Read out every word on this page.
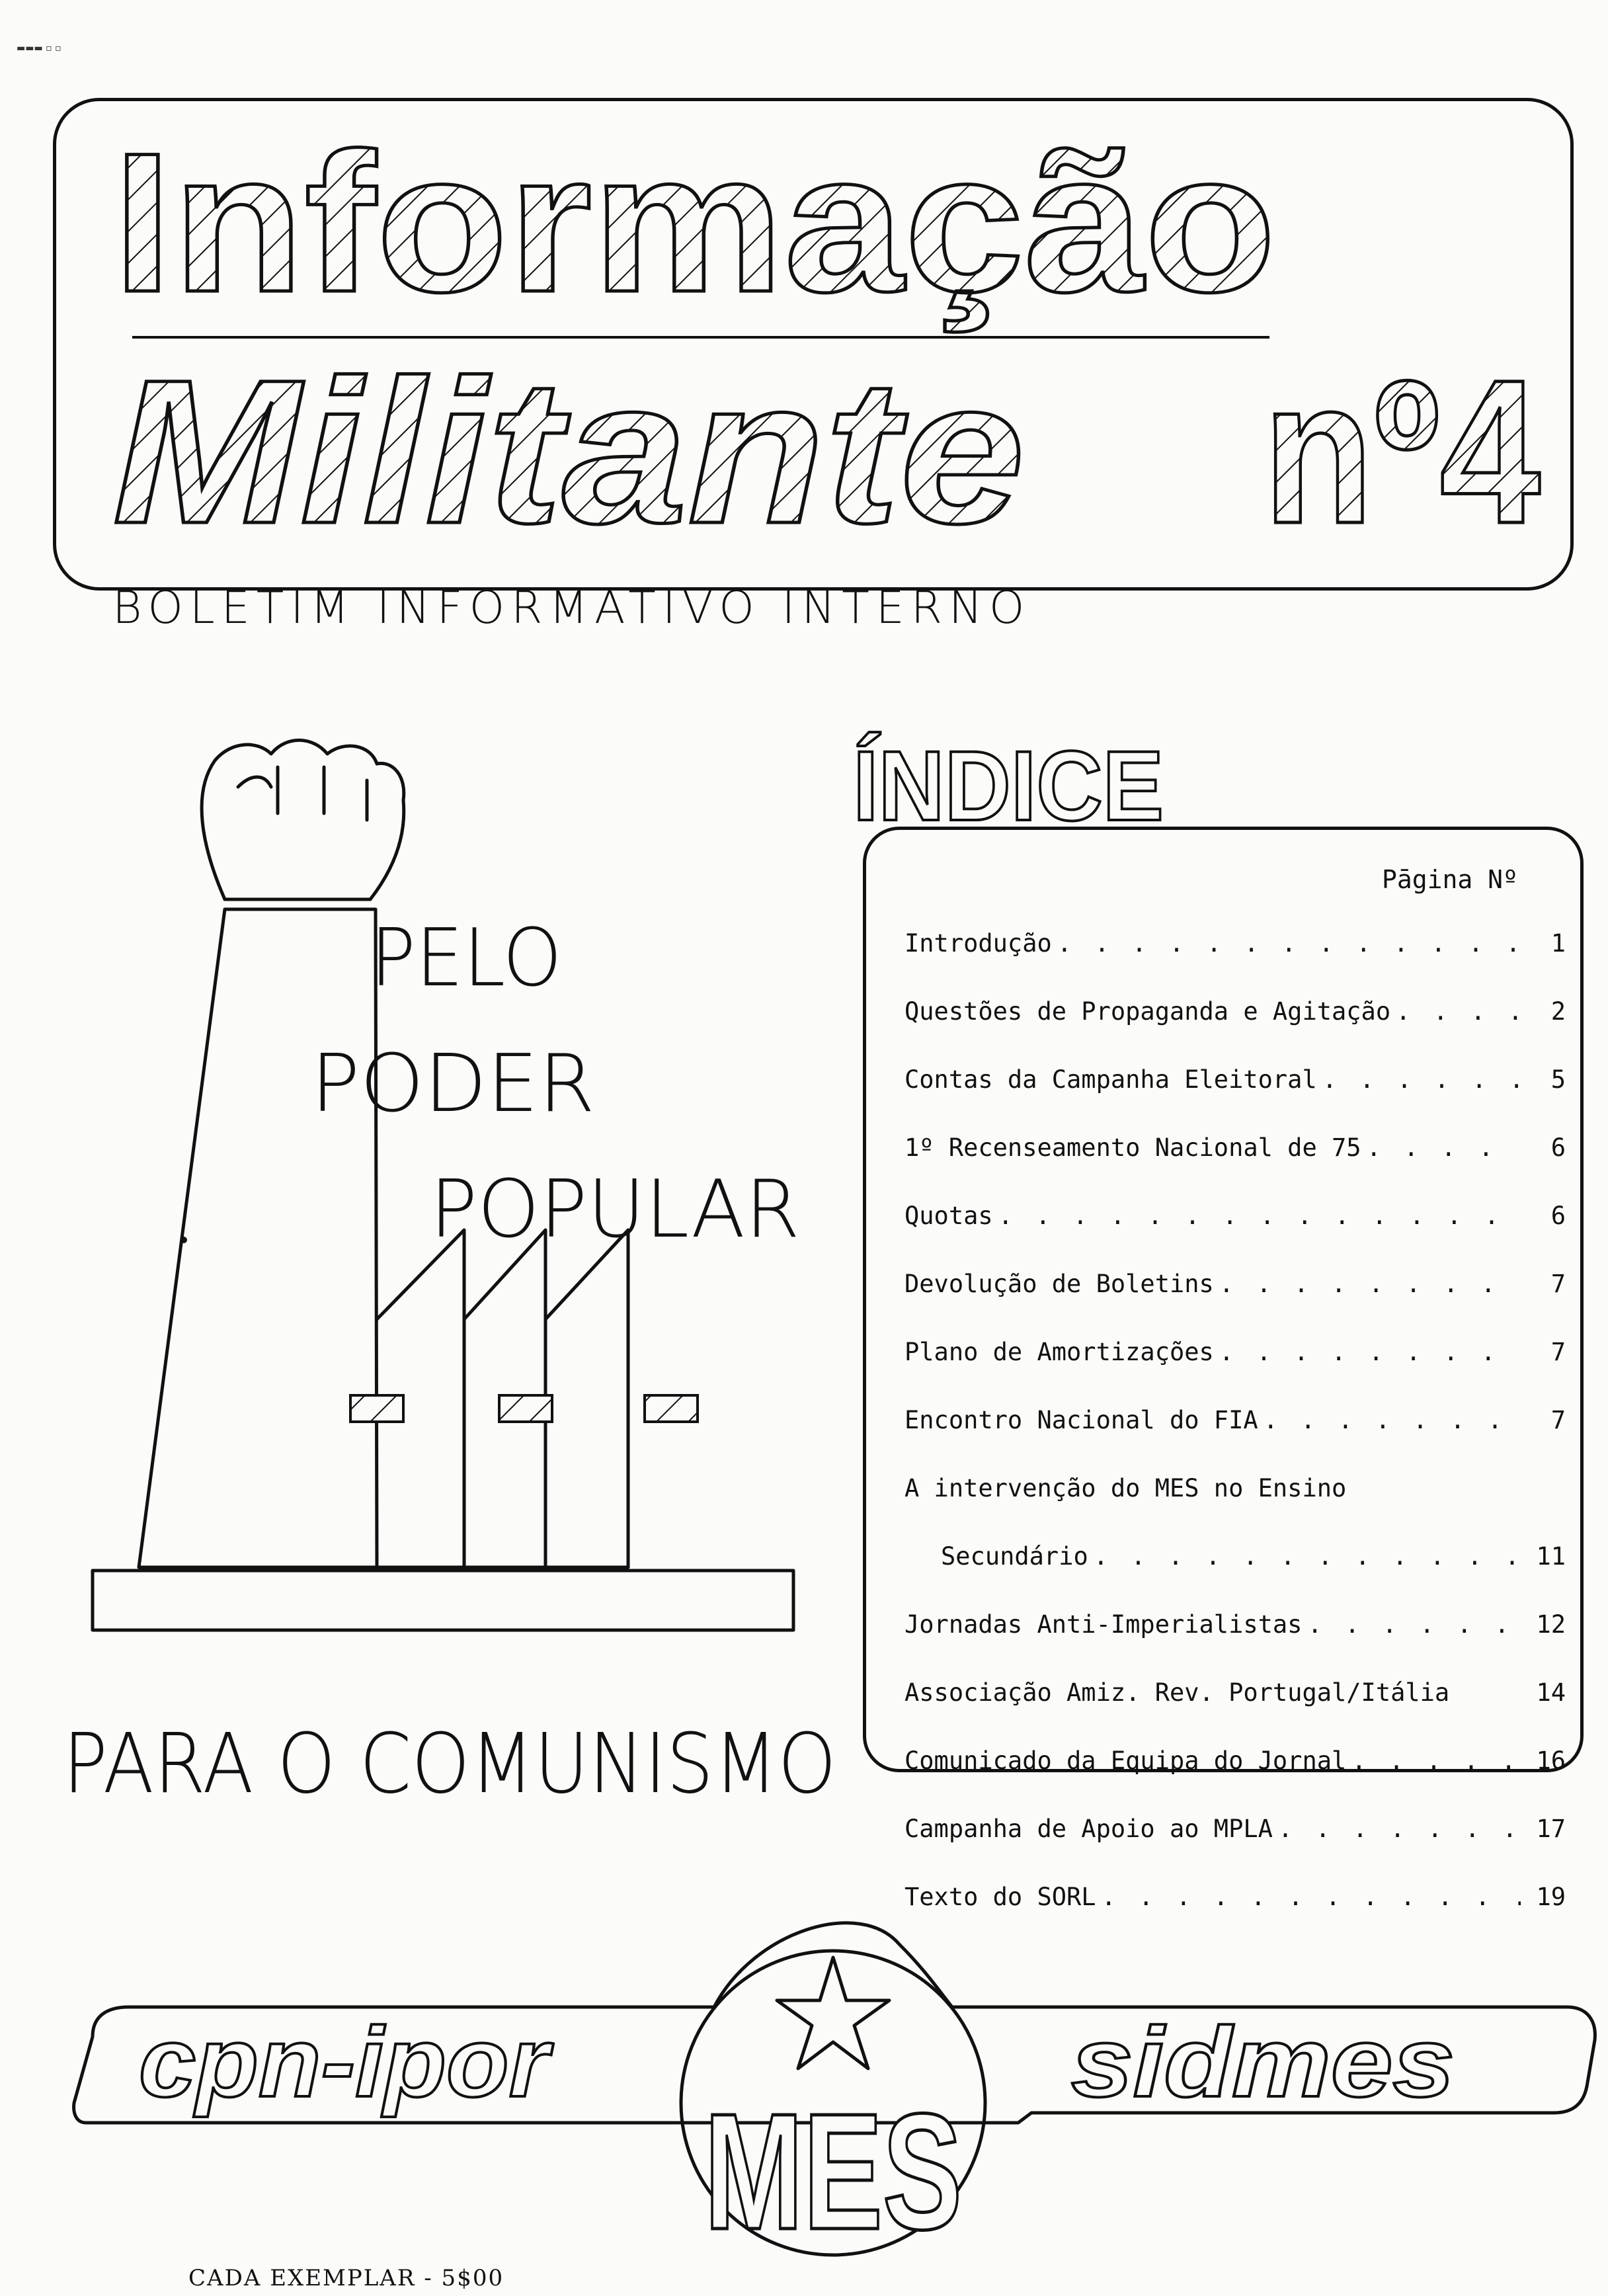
▬▬▬ ▫ ▫
Informação
Militante nº4
BOLETIM INFORMATIVO INTERNO
ÍNDICE
Pāgina Nº
Introdução . . .	1
Questões de Propaganda e Agitação . . .	2
Contas da Campanha Eleitoral . . .	5
1º Recenseamento Nacional de 75 . . .	6
Quotas . . .	6
Devolução de Boletins . . .	7
Plano de Amortizações . . .	7
Encontro Nacional do FIA . . .	7
A intervenção do MES no Ensino
Secundário . . .	11
Jornadas Anti-Imperialistas . . .	12
Associação Amiz. Rev. Portugal/Itália	14
Comunicado da Equipa do Jornal . . .	16
Campanha de Apoio ao MPLA . . .	17
Texto do SORL . . .	19
PELO
PODER
POPULAR
PARA O COMUNISMO
cpn-ipor
MES
sidmes
CADA EXEMPLAR - 5$00
